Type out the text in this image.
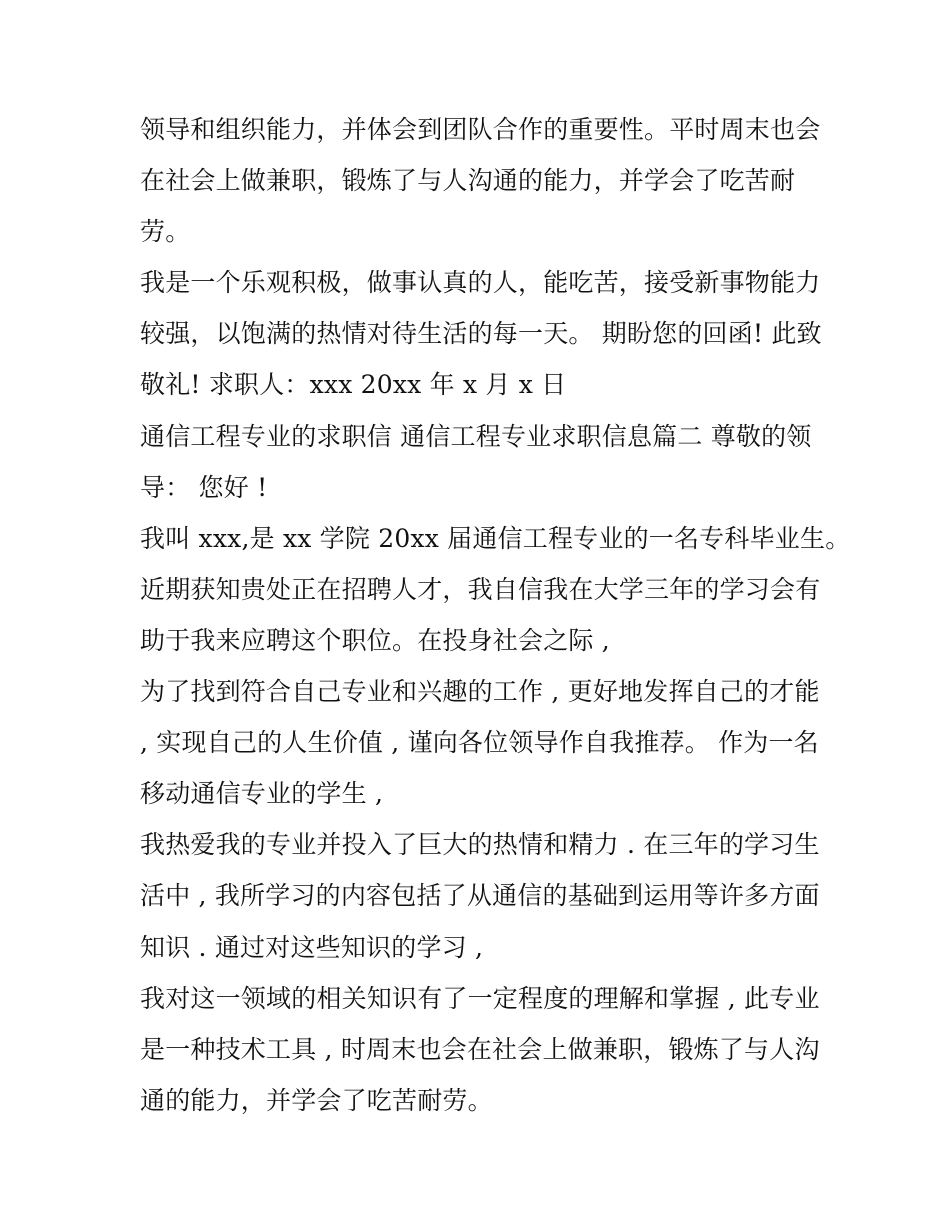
领导和组织能力，并体会到团队合作的重要性。平时周末也会
在社会上做兼职，锻炼了与人沟通的能力，并学会了吃苦耐
劳。
我是一个乐观积极，做事认真的人，能吃苦，接受新事物能力
较强，以饱满的热情对待生活的每一天。 期盼您的回函! 此致
敬礼! 求职人：xxx 20xx 年 x 月 x 日
通信工程专业的求职信 通信工程专业求职信息篇二 尊敬的领
导： 您好 !
我叫 xxx,是 xx 学院 20xx 届通信工程专业的一名专科毕业生。
近期获知贵处正在招聘人才，我自信我在大学三年的学习会有
助于我来应聘这个职位。在投身社会之际 ,
为了找到符合自己专业和兴趣的工作 , 更好地发挥自己的才能
, 实现自己的人生价值 , 谨向各位领导作自我推荐。 作为一名
移动通信专业的学生 ,
我热爱我的专业并投入了巨大的热情和精力 . 在三年的学习生
活中 , 我所学习的内容包括了从通信的基础到运用等许多方面
知识 . 通过对这些知识的学习 ,
我对这一领域的相关知识有了一定程度的理解和掌握 , 此专业
是一种技术工具 , 时周末也会在社会上做兼职，锻炼了与人沟
通的能力，并学会了吃苦耐劳。
